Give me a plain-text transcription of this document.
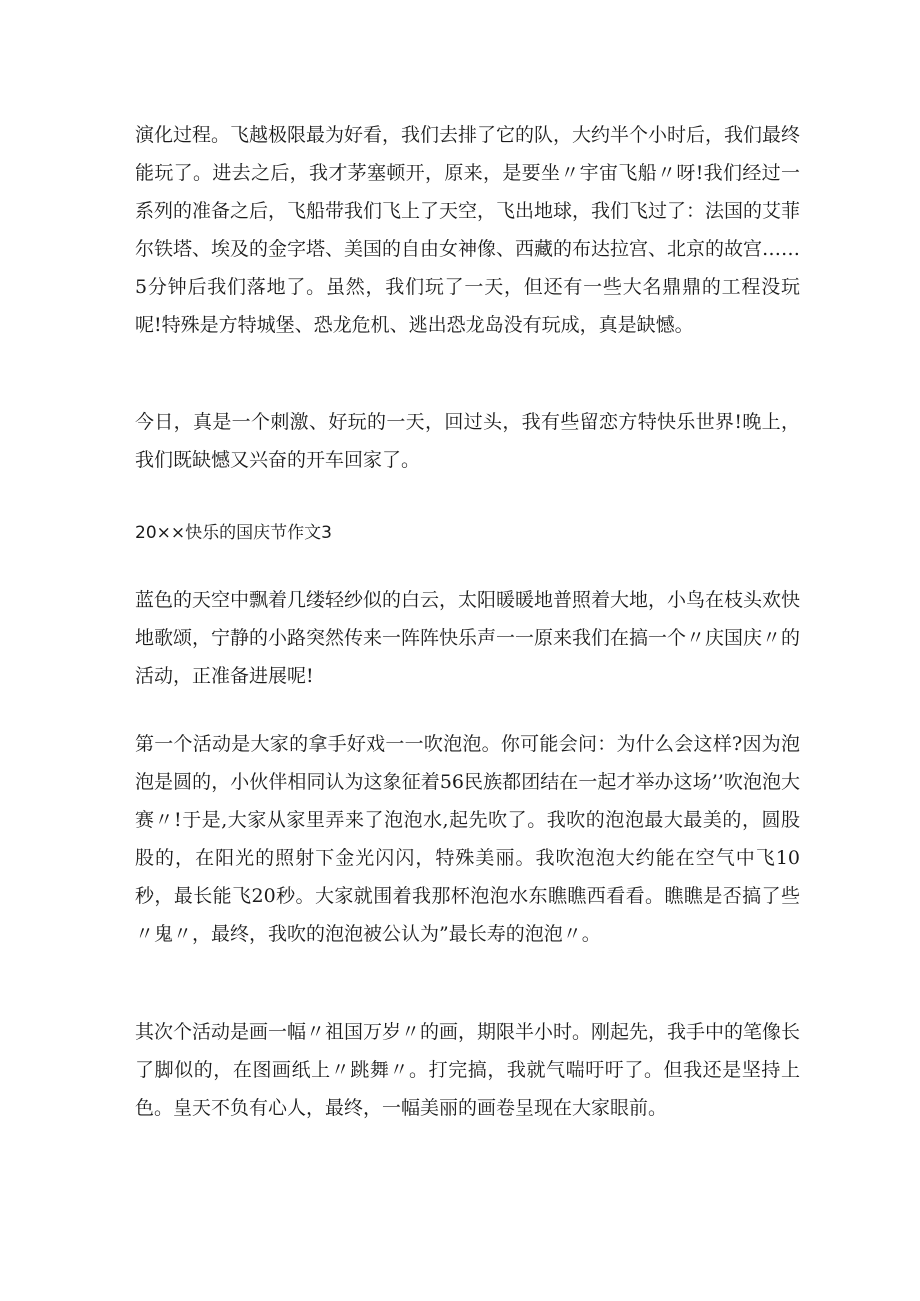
演化过程。飞越极限最为好看，我们去排了它的队，大约半个小时后，我们最终能玩了。进去之后，我才茅塞顿开，原来，是要坐〃宇宙飞船〃呀!我们经过一系列的准备之后，飞船带我们飞上了天空，飞出地球，我们飞过了：法国的艾菲尔铁塔、埃及的金字塔、美国的自由女神像、西藏的布达拉宫、北京的故宫……5分钟后我们落地了。虽然，我们玩了一天，但还有一些大名鼎鼎的工程没玩呢!特殊是方特城堡、恐龙危机、逃出恐龙岛没有玩成，真是缺憾。

今日，真是一个刺激、好玩的一天，回过头，我有些留恋方特快乐世界!晚上，我们既缺憾又兴奋的开车回家了。

20××快乐的国庆节作文3

蓝色的天空中飘着几缕轻纱似的白云，太阳暖暖地普照着大地，小鸟在枝头欢快地歌颂，宁静的小路突然传来一阵阵快乐声一一原来我们在搞一个〃庆国庆〃的活动，正准备进展呢!

第一个活动是大家的拿手好戏一一吹泡泡。你可能会问：为什么会这样?因为泡泡是圆的，小伙伴相同认为这象征着56民族都团结在一起才举办这场’’吹泡泡大赛〃!于是,大家从家里弄来了泡泡水,起先吹了。我吹的泡泡最大最美的，圆股股的，在阳光的照射下金光闪闪，特殊美丽。我吹泡泡大约能在空气中飞10秒，最长能飞20秒。大家就围着我那杯泡泡水东瞧瞧西看看。瞧瞧是否搞了些〃鬼〃，最终，我吹的泡泡被公认为”最长寿的泡泡〃。

其次个活动是画一幅〃祖国万岁〃的画，期限半小时。刚起先，我手中的笔像长了脚似的，在图画纸上〃跳舞〃。打完搞，我就气喘吁吁了。但我还是坚持上色。皇天不负有心人，最终，一幅美丽的画卷呈现在大家眼前。
